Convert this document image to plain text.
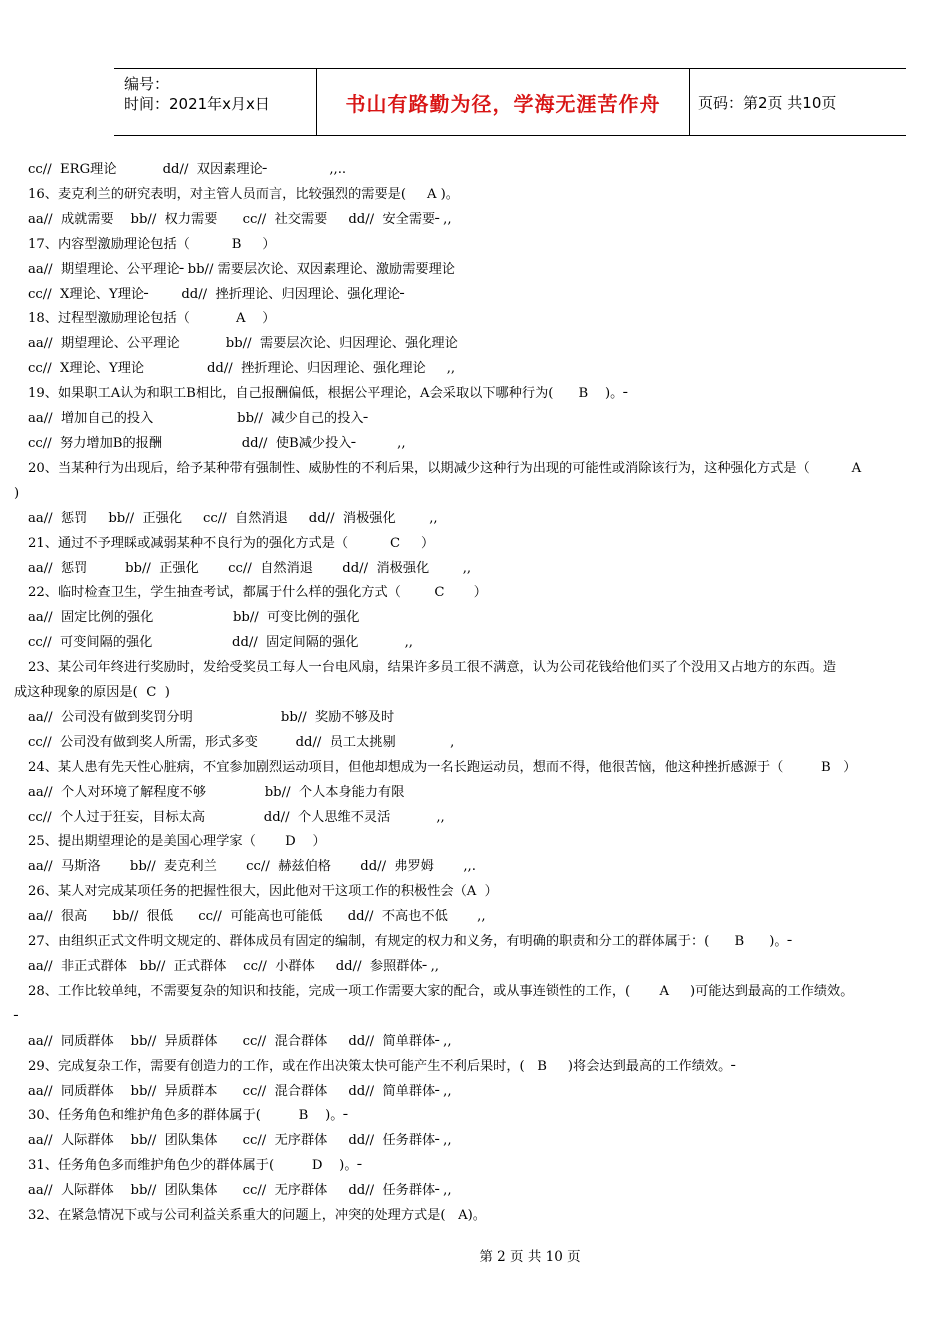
编号：
时间：2021年x月x日	书山有路勤为径，学海无涯苦作舟	页码：第2页 共10页
cc//  ERG理论           dd//  双因素理论╴              ,,..
16、麦克利兰的研究表明，对主管人员而言，比较强烈的需要是(     A )。
aa//  成就需要    bb//  权力需要      cc//  社交需要     dd//  安全需要╴,,
17、内容型激励理论包括（          B     ）
aa//  期望理论、公平理论╴bb// 需要层次论、双因素理论、激励需要理论
cc//  X理论、Y理论╴       dd//  挫折理论、归因理论、强化理论╴
18、过程型激励理论包括（           A    ）
aa//  期望理论、公平理论           bb//  需要层次论、归因理论、强化理论
cc//  X理论、Y理论               dd//  挫折理论、归因理论、强化理论     ,,
19、如果职工A认为和职工B相比，自己报酬偏低，根据公平理论，A会采取以下哪种行为(      B    )。╴
aa//  增加自己的投入                    bb//  减少自己的投入╴
cc//  努力增加B的报酬                   dd//  使B减少投入╴         ,,
20、当某种行为出现后，给予某种带有强制性、威胁性的不利后果，以期减少这种行为出现的可能性或消除该行为，这种强化方式是（          A
)
aa//  惩罚     bb//  正强化     cc//  自然消退     dd//  消极强化        ,,
21、通过不予理睬或减弱某种不良行为的强化方式是（          C     ）
aa//  惩罚         bb//  正强化       cc//  自然消退       dd//  消极强化        ,,
22、临时检查卫生，学生抽查考试，都属于什么样的强化方式（        C       ）
aa//  固定比例的强化                   bb//  可变比例的强化
cc//  可变间隔的强化                   dd//  固定间隔的强化           ,,
23、某公司年终进行奖励时，发给受奖员工每人一台电风扇，结果许多员工很不满意，认为公司花钱给他们买了个没用又占地方的东西。造
成这种现象的原因是(  C  )
aa//  公司没有做到奖罚分明                     bb//  奖励不够及时
cc//  公司没有做到奖人所需，形式多变         dd//  员工太挑剔             ,
24、某人患有先天性心脏病，不宜参加剧烈运动项目，但他却想成为一名长跑运动员，想而不得，他很苦恼，他这种挫折感源于（         B   ）
aa//  个人对环境了解程度不够              bb//  个人本身能力有限
cc//  个人过于狂妄，目标太高              dd//  个人思维不灵活           ,,
25、提出期望理论的是美国心理学家（       D    ）
aa//  马斯洛       bb//  麦克利兰       cc//  赫兹伯格       dd//  弗罗姆       ,,.
26、某人对完成某项任务的把握性很大，因此他对干这项工作的积极性会（A  ）
aa//  很高      bb//  很低      cc//  可能高也可能低      dd//  不高也不低       ,,
27、由组织正式文件明文规定的、群体成员有固定的编制，有规定的权力和义务，有明确的职责和分工的群体属于：(      B      )。╴
aa//  非正式群体   bb//  正式群体    cc//  小群体     dd//  参照群体╴,,
28、工作比较单纯，不需要复杂的知识和技能，完成一项工作需要大家的配合，或从事连锁性的工作，(       A     )可能达到最高的工作绩效。
╴
aa//  同质群体    bb//  异质群体      cc//  混合群体     dd//  简单群体╴,,
29、完成复杂工作，需要有创造力的工作，或在作出决策太快可能产生不利后果时，(   B     )将会达到最高的工作绩效。╴
aa//  同质群体    bb//  异质群本      cc//  混合群体     dd//  简单群体╴,,
30、任务角色和维护角色多的群体属于(         B    )。╴
aa//  人际群体    bb//  团队集体      cc//  无序群体     dd//  任务群体╴,,
31、任务角色多而维护角色少的群体属于(         D    )。╴
aa//  人际群体    bb//  团队集体      cc//  无序群体     dd//  任务群体╴,,
32、在紧急情况下或与公司利益关系重大的问题上，冲突的处理方式是(   A)。
第 2 页 共 10 页
